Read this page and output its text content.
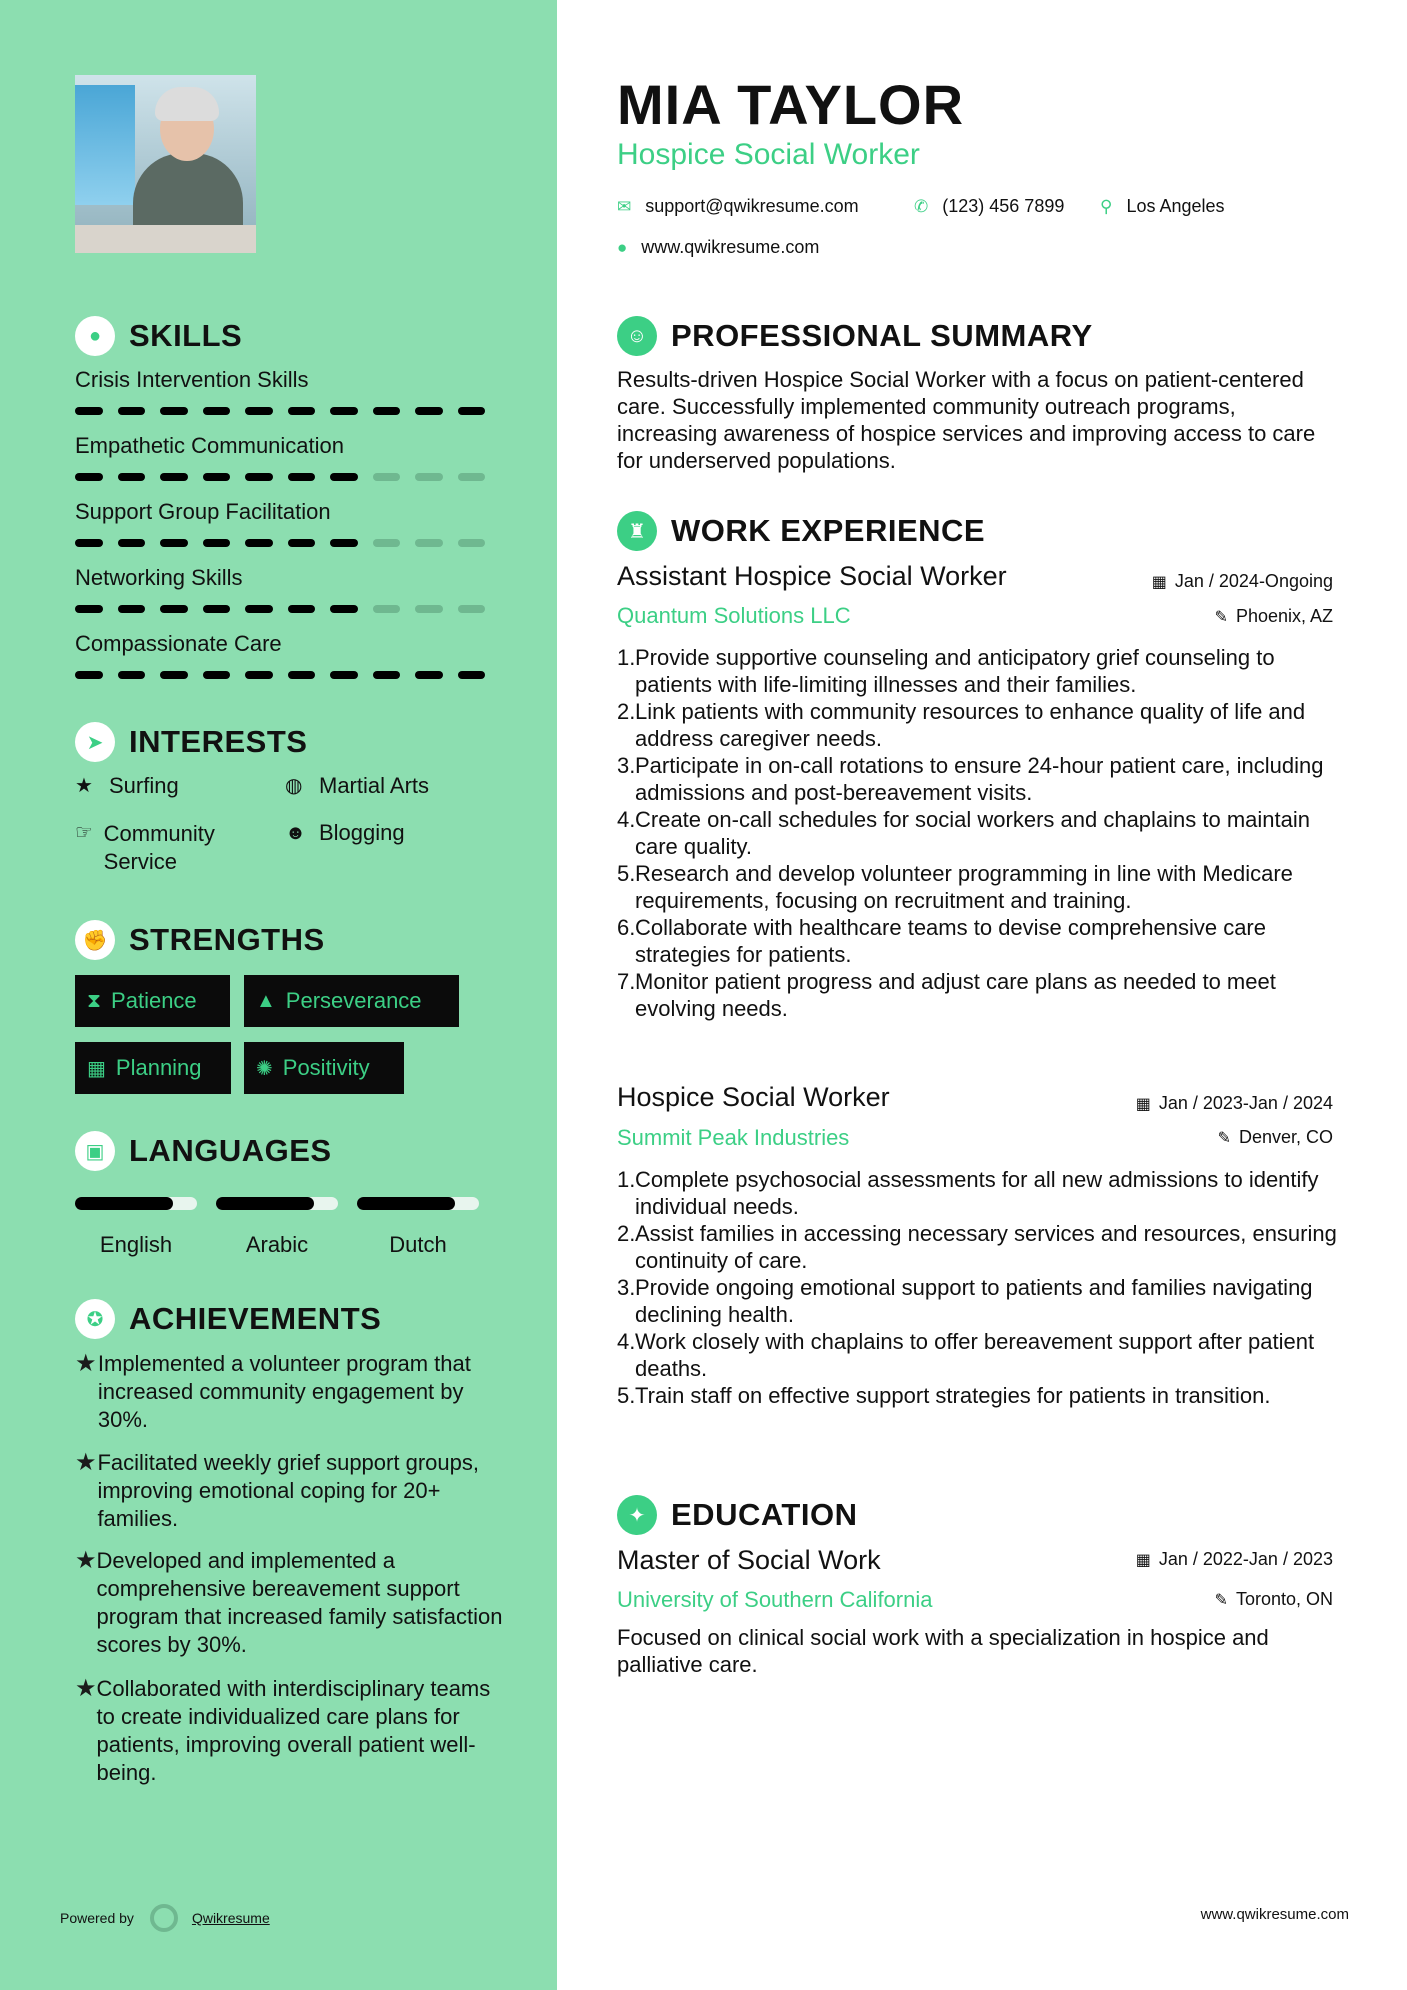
● SKILLS
Crisis Intervention Skills
Empathetic Communication
Support Group Facilitation
Networking Skills
Compassionate Care
➤ INTERESTS
★ Surfing	◍ Martial Arts
☞ Community Service
☻ Blogging
✊ STRENGTHS
⧗ Patience	▲ Perseverance
▦ Planning	✺ Positivity
▣ LANGUAGES
English	Arabic	Dutch
✪ ACHIEVEMENTS
★ Implemented a volunteer program that increased community engagement by 30%.
★ Facilitated weekly grief support groups, improving emotional coping for 20+ families.
★ Developed and implemented a comprehensive bereavement support program that increased family satisfaction scores by 30%.
★ Collaborated with interdisciplinary teams to create individualized care plans for patients, improving overall patient well-being.
Powered by	Qwikresume
MIA TAYLOR
Hospice Social Worker
✉ support@qwikresume.com	✆ (123) 456 7899 ⚲ Los Angeles
● www.qwikresume.com
☺ PROFESSIONAL SUMMARY
Results-driven Hospice Social Worker with a focus on patient-centered care. Successfully implemented community outreach programs, increasing awareness of hospice services and improving access to care for underserved populations.
♜ WORK EXPERIENCE
Assistant Hospice Social Worker	▦ Jan / 2024-Ongoing
Quantum Solutions LLC	✎ Phoenix, AZ
1. Provide supportive counseling and anticipatory grief counseling to patients with life-limiting illnesses and their families.
2. Link patients with community resources to enhance quality of life and address caregiver needs.
3. Participate in on-call rotations to ensure 24-hour patient care, including admissions and post-bereavement visits.
4. Create on-call schedules for social workers and chaplains to maintain care quality.
5. Research and develop volunteer programming in line with Medicare requirements, focusing on recruitment and training.
6. Collaborate with healthcare teams to devise comprehensive care strategies for patients.
7. Monitor patient progress and adjust care plans as needed to meet evolving needs.
Hospice Social Worker	▦ Jan / 2023-Jan / 2024
Summit Peak Industries	✎ Denver, CO
1. Complete psychosocial assessments for all new admissions to identify individual needs.
2. Assist families in accessing necessary services and resources, ensuring continuity of care.
3. Provide ongoing emotional support to patients and families navigating declining health.
4. Work closely with chaplains to offer bereavement support after patient deaths.
5. Train staff on effective support strategies for patients in transition.
✦ EDUCATION
Master of Social Work	▦ Jan / 2022-Jan / 2023
University of Southern California	✎ Toronto, ON
Focused on clinical social work with a specialization in hospice and palliative care.
www.qwikresume.com
